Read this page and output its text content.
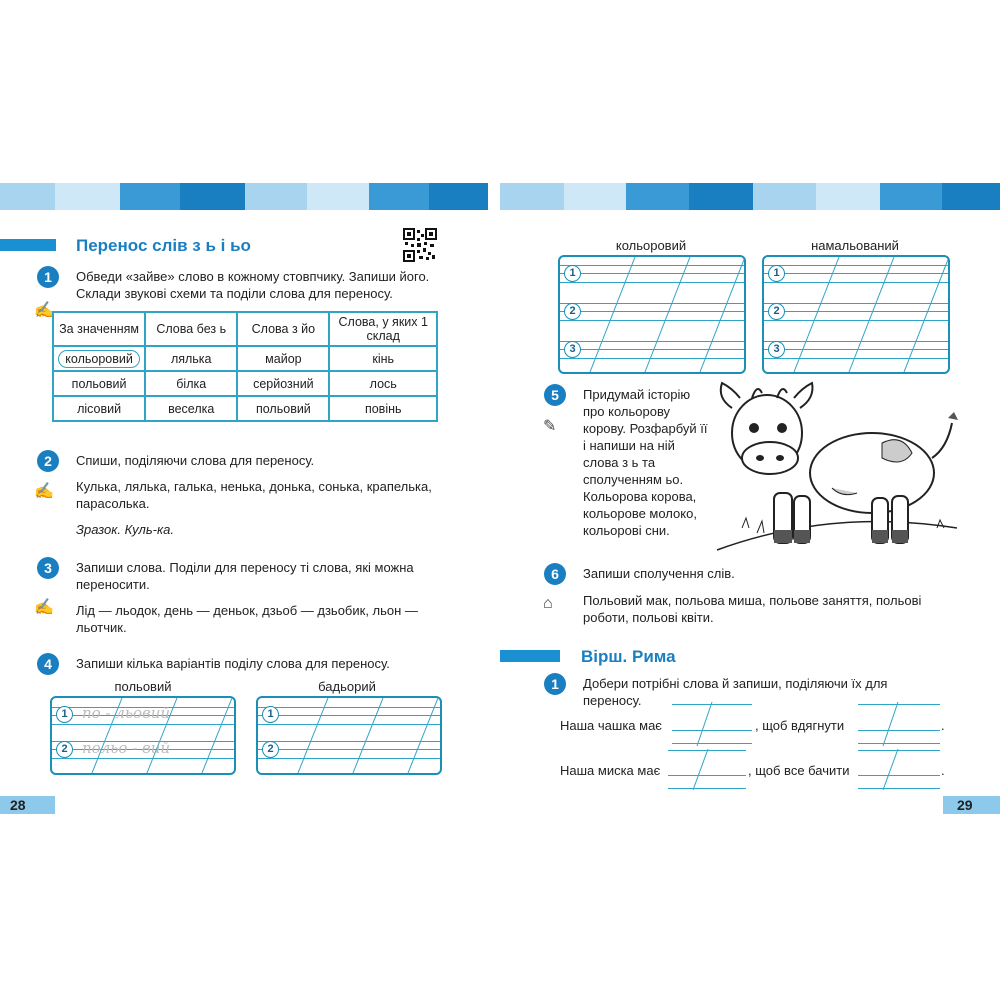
Перенос слів з ь і ьо
1	Обведи «зайве» слово в кожному стовпчику. Запиши його. Склади звукові схеми та поділи слова для переносу.
✍
За значенням	Слова без ь	Слова з йо	Слова, у яких 1 склад
кольоровий	лялька	майор	кінь
польовий	білка	серйозний	лось
лісовий	веселка	польовий	повінь
2	Спиши, поділяючи слова для переносу.
✍ Кулька, лялька, галька, ненька, донька, сонька, крапелька, парасолька.
Зразок. Куль-ка.
3	Запиши слова. Поділи для переносу ті слова, які можна переносити.
✍ Лід — льодок, день — деньок, дзьоб — дзьобик, льон — льотчик.
4	Запиши кілька варіантів поділу слова для переносу.
польовий	бадьорий
1
2
по - льовий
польо - вий
1
2
28
кольоровий	намальований
1
2
3
1
2
3
5
✎
Придумай історію про кольорову корову. Розфарбуй її і напиши на ній слова з ь та сполученням ьо.
Кольорова корова, кольорове молоко, кольорові сни.
6	Запиши сполучення слів.
⌂ Польовий мак, польова миша, польове заняття, польові роботи, польові квіти.
Вірш. Рима
1	Добери потрібні слова й запиши, поділяючи їх для переносу.
Наша чашка має	, щоб вдягнути	.
Наша миска має	, щоб все бачити	.
29
